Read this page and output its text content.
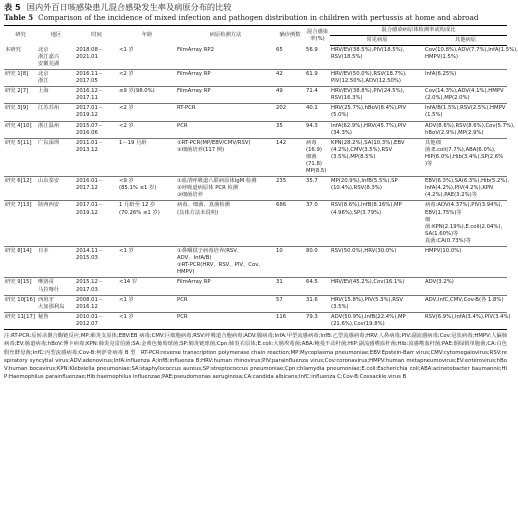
表 5 国内外百日咳感染患儿混合感染发生率及病原分布的比较
Table 5 Comparison of the incidence of mixed infection and pathogen distribution in children with pertussis at home and abroad
研究	地区	时间	年龄	病原检测方法	确诊例数	混合感染率(%)	混合感染病原体检测率或构成比	
							常见病原	其他病原
本研究	北京
浙江嘉兴
安徽芜湖	2018.08－
2021.01	<1 岁	FilmArray RP2	65	56.9	HRV/EV(38.5%),PIV(18.5%),
RSV(18.5%)	Cov(10.8%),ADV(7.7%),InfA(1.5%),
HMPV(1.5%)
研究 1[8]	北京
浙江	2016.11－
2017.05	<2 岁	FilmArray RP	42	61.9	HRV/EV(50.0%),RSV(18.7%),
PIV(12.50%),ADV(12.50%)	InfA(6.25%)
研究 2[7]	上海	2016.12－
2017.11	≤9 岁(98.0%)	FilmArray RP	49	71.4	HRV/EV(38.8%),PIV(24.5%),
RSV(16.3%)	Cov(14.3%),ADV(4.1%),HMPV
(2.0%),MP(2.0%)
研究 3[9]	江苏苏州	2017.01－
2019.12	<2 岁	RT-PCR	202	40.1	HRV(25.7%),hBoV(8.4%),PIV
(5.0%)	InfA/B(1.5%),RSV(2.5%),HMPV
(1.5%)
研究 4[10]	浙江温州	2015.07－
2016.06	<2 岁	PCR	35	94.3	InfA(62.9%),HRV(45.7%),PIV
(34.3%)	ADV(8.6%),RSV(8.6%),Cov(5.7%),
hBoV(2.9%),MP(2.9%)
研究 5[11]	广东深圳	2011.01－
2013.12	1－19 月龄	①RT-PCR(MP/EBV/CMV/RSV)
②细菌培养(117 例)	142	病毒(16.9)
细菌(71.8)
MP(8.5)	KPN(28.2%),SA(10.3%),EBV
(4.2%),CMV(3.5%),RSV
(3.5%),MP(8.5%)	其他细菌:E.coli(7.7%),ABA(6.0%),
HIP(6.0%),Hib(3.4%),SP(2.6%
)等
研究 6[12]	山东泰安	2016.01－
2017.12	<9 岁
(85.1% ≤1 岁)	①血清呼吸道八联病原体IgM 检测
②呼吸道病原体 PCR 检测
③细菌培养	235	35.7	MP(20.9%),InfB(5.5%),SP
(10.4%),RSV(8.3%)	EBV(6.3%),SA(6.3%),Hib(5.2%),
InfA(4.2%),PIV(4.2%),KPN
(4.2%),PAE(3.2%)等
研究 7[13]	陕西西安	2017.01－
2019.12	1 月龄至 12 岁
(70.26% ≤1 岁)	病毒、细菌、真菌检测
(具体方法未说明)	686	37.0	RSV(8.6%),InfB(8.16%),MP
(4.96%),SP(3.79%)	病毒:ADV(4.37%),PIV(3.94%),
EBV(1.75%)等
细菌:KPN(2.19%),E.coli(2.04%),
SA(1.60%)等
真菌:CA(0.73%)等
研究 8[14]	日本	2014.11－
2015.03	<1 岁	①鼻咽拭子病毒培养(RSV、
ADV、InfA/B)
②RT-PCR(HRV、RSV、PIV、Cov、
HMPV)	10	80.0	RSV(50.0%),HRV(30.0%)	HMPV(10.0%)
研究 9[15]	摩洛哥
马拉喀什	2015.12－
2017.03	<14 岁	FilmArray RP	31	64.5	HRV/EV(45.2%),Cov(16.1%)	ADV(3.2%)
研究 10[16]	西班牙
大加那利岛	2008.01－
2016.12	<1 岁	PCR	57	31.6	HRV(15.8%),PIV(5.3%),RSV
(3.5%)	ADV,InfC,CMV,Cov-B(各 1.8%)
研究 11[17]	秘鲁	2010.01－
2012.07	<1 岁	PCR	116	79.3	ADV(50.9%),InfB(22.4%),MP
(21.6%),Cov(19.8%)	RSV(6.9%),InfA(3.4%),PIV(3.4%)
注:RT-PCR:反转录聚合酶链反应;MP:肺炎支原体;EBV:EB 病毒;CMV:巨细胞病毒;RSV:呼吸道合胞病毒;ADV:腺病毒;InfA:甲型流感病毒;InfB:乙型流感病毒;HRV:人鼻病毒;PIV:副流感病毒;Cov:冠状病毒;HMPV:人偏肺病毒;EV:肠道病毒;hBoV:博卡病毒;KPN:肺炎克雷伯菌;SA:金黄色葡萄球菌;SP:肺炎链球菌;Cpn:肺炎衣原体;E.coli:大肠埃希菌;ABA:鲍曼不动杆菌;HIP:副流感嗜血杆菌;Hib:流感嗜血杆菌;PAE:铜绿假单胞菌;CA:白色假丝酵母菌;InfC:丙型流感病毒;Cov-B:柯萨奇病毒 B 型　RT-PCR:reverse transcription polymerase chain reaction;MP:Mycoplasma pneumoniae;EBV:Epstein-Barr virus;CMV:cytomegalovirus;RSV:respiratory syncytial virus;ADV:adenovirus;InfA:influenza A;InfB:influenza B;HRV:human rhinovirus;PIV:parainfluenza virus;Cov:coronavirus;HMPV:human metapneumovirus;EV:enterovirus;hBoV:human bocavirus;KPN:Klebsiella pneumoniae;SA:staphylococcus aureus;SP:streptococcus pneumoniae;Cpn:chlamydia pneumoniae;E.coli:Escherichia coli;ABA:acinetobacter baumannii;HIP:Haemophilus parainfluenzae;Hib:haemophilus influenzae;PAE:pseudomonas aeruginosa;CA:candida albicans;InfC:influenza C;Cov-B:Coxsackie virus B
